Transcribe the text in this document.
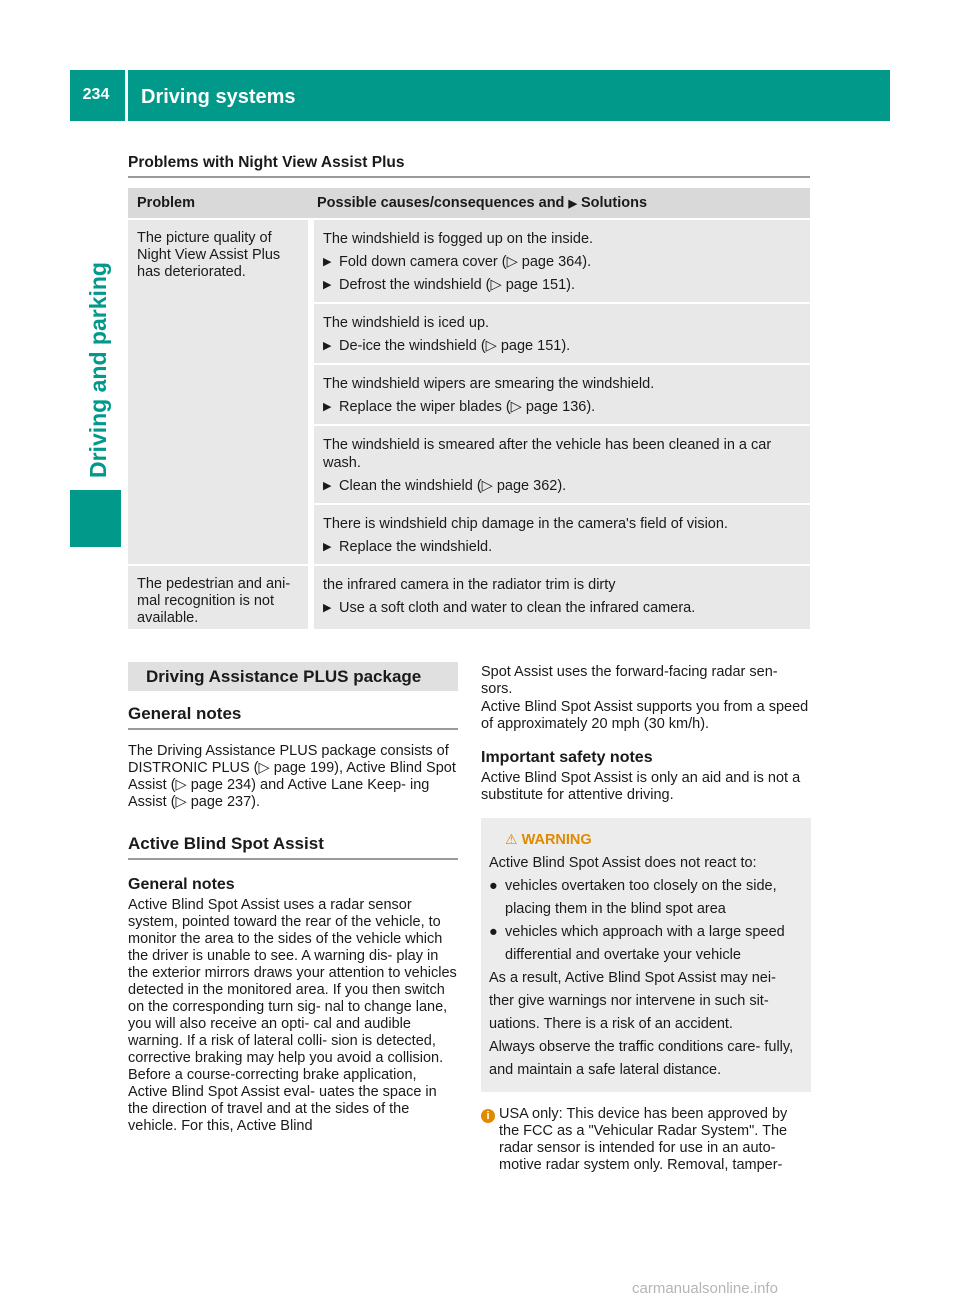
234	Driving systems
Driving and parking
Problems with Night View Assist Plus
Problem	Possible causes/consequences and ▶ Solutions
The picture quality of Night View Assist Plus has deteriorated.
The windshield is fogged up on the inside.
▶ Fold down camera cover (▷ page 364).
▶ Defrost the windshield (▷ page 151).
The windshield is iced up.
▶ De-ice the windshield (▷ page 151).
The windshield wipers are smearing the windshield.
▶ Replace the wiper blades (▷ page 136).
The windshield is smeared after the vehicle has been cleaned in a car wash.
▶ Clean the windshield (▷ page 362).
There is windshield chip damage in the camera's field of vision.
▶ Replace the windshield.
The pedestrian and ani- mal recognition is not available.
the infrared camera in the radiator trim is dirty
▶ Use a soft cloth and water to clean the infrared camera.
Driving Assistance PLUS package
General notes
The Driving Assistance PLUS package consists of DISTRONIC PLUS (▷ page 199), Active Blind Spot Assist (▷ page 234) and Active Lane Keep- ing Assist (▷ page 237).
Active Blind Spot Assist
General notes
Active Blind Spot Assist uses a radar sensor system, pointed toward the rear of the vehicle, to monitor the area to the sides of the vehicle which the driver is unable to see. A warning dis- play in the exterior mirrors draws your attention to vehicles detected in the monitored area. If you then switch on the corresponding turn sig- nal to change lane, you will also receive an opti- cal and audible warning. If a risk of lateral colli- sion is detected, corrective braking may help you avoid a collision. Before a course-correcting brake application, Active Blind Spot Assist eval- uates the space in the direction of travel and at the sides of the vehicle. For this, Active Blind
Spot Assist uses the forward-facing radar sen- sors.
Active Blind Spot Assist supports you from a speed of approximately 20 mph (30 km/h).
Important safety notes
Active Blind Spot Assist is only an aid and is not a substitute for attentive driving.
⚠ WARNING
Active Blind Spot Assist does not react to:
● vehicles overtaken too closely on the side, placing them in the blind spot area
● vehicles which approach with a large speed differential and overtake your vehicle
As a result, Active Blind Spot Assist may nei- ther give warnings nor intervene in such sit- uations. There is a risk of an accident.
Always observe the traffic conditions care- fully, and maintain a safe lateral distance.
i USA only: This device has been approved by the FCC as a "Vehicular Radar System". The radar sensor is intended for use in an auto- motive radar system only. Removal, tamper-
carmanualsonline.info
